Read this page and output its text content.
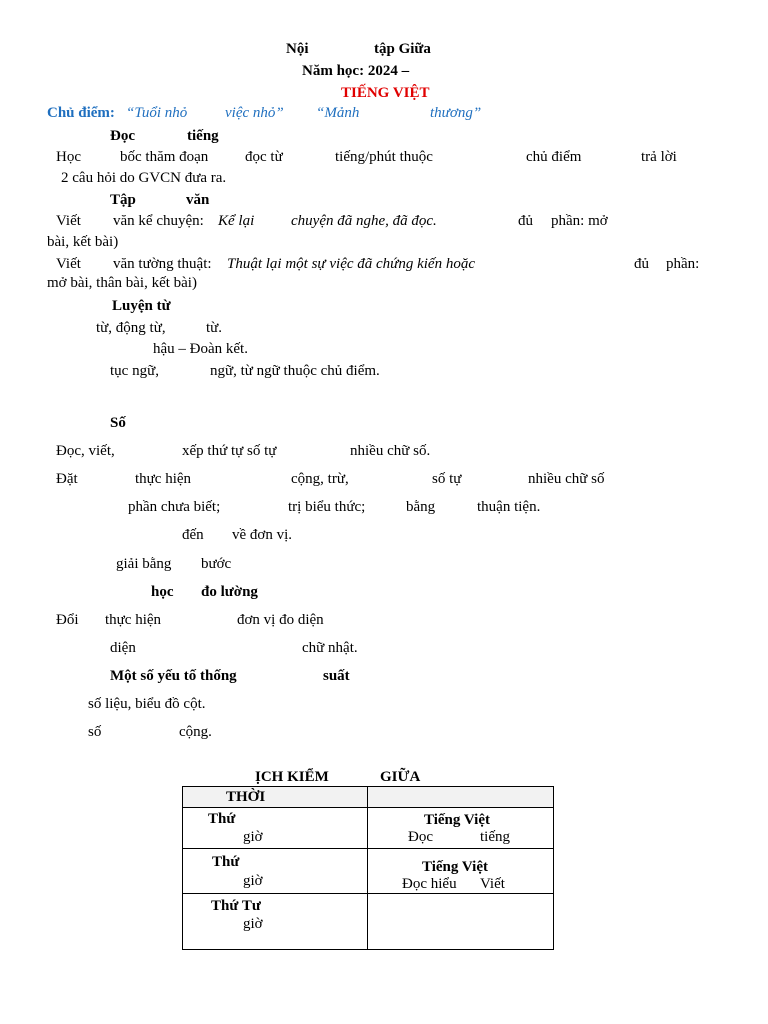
Nội	tập Giữa
Năm học: 2024 –
TIẾNG VIỆT
Chủ điểm: “Tuổi nhỏ	việc nhỏ” “Mảnh	thương”
Đọc	tiếng
Học	bốc thăm đoạn đọc từ	tiếng/phút thuộc	chủ điểm	trả lời
2 câu hỏi do GVCN đưa ra.
Tập	văn
Viết văn kể chuyện: Kể lại chuyện đã nghe, đã đọc.	đủ phần: mở
bài, kết bài)
Viết văn tường thuật: Thuật lại một sự việc đã chứng kiến hoặc	đủ phần:
mở bài, thân bài, kết bài)
Luyện từ
từ, động từ,	từ.
hậu – Đoàn kết.
tục ngữ,	ngữ, từ ngữ thuộc chủ điểm.
Số
Đọc, viết,	xếp thứ tự số tự	nhiều chữ số.
Đặt	thực hiện	cộng, trừ,	số tự	nhiều chữ số
phần chưa biết;	trị biểu thức;	bằng	thuận tiện.
đến về đơn vị.
giải bằng bước
học đo lường
Đổi thực hiện	đơn vị đo diện
diện	chữ nhật.
Một số yếu tố thống	suất
số liệu, biểu đồ cột.
số	cộng.
ỊCH KIỂM	GIỮA
THỜI	

Thứ
giờ	Tiếng Việt
Đọc tiếng

Thứ
giờ	Tiếng Việt
Đọc hiểu Viết

Thứ Tư
giờ	
